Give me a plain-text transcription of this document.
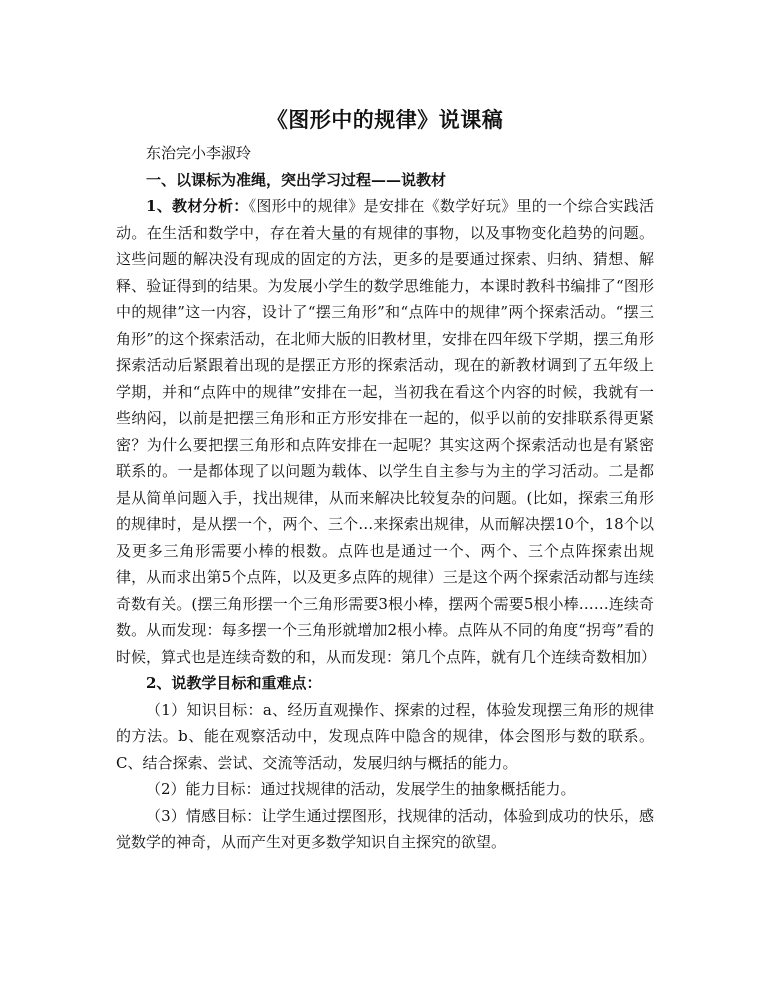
《图形中的规律》说课稿

东治完小李淑玲

一、以课标为准绳，突出学习过程——说教材

1、教材分析：《图形中的规律》是安排在《数学好玩》里的一个综合实践活动。在生活和数学中，存在着大量的有规律的事物，以及事物变化趋势的问题。这些问题的解决没有现成的固定的方法，更多的是要通过探索、归纳、猜想、解释、验证得到的结果。为发展小学生的数学思维能力，本课时教科书编排了“图形中的规律”这一内容，设计了“摆三角形”和“点阵中的规律”两个探索活动。“摆三角形”的这个探索活动，在北师大版的旧教材里，安排在四年级下学期，摆三角形探索活动后紧跟着出现的是摆正方形的探索活动，现在的新教材调到了五年级上学期，并和“点阵中的规律”安排在一起，当初我在看这个内容的时候，我就有一些纳闷，以前是把摆三角形和正方形安排在一起的，似乎以前的安排联系得更紧密？为什么要把摆三角形和点阵安排在一起呢？其实这两个探索活动也是有紧密联系的。一是都体现了以问题为载体、以学生自主参与为主的学习活动。二是都是从简单问题入手，找出规律，从而来解决比较复杂的问题。(比如，探索三角形的规律时，是从摆一个，两个、三个…来探索出规律，从而解决摆10个，18个以及更多三角形需要小棒的根数。点阵也是通过一个、两个、三个点阵探索出规律，从而求出第5个点阵，以及更多点阵的规律）三是这个两个探索活动都与连续奇数有关。(摆三角形摆一个三角形需要3根小棒，摆两个需要5根小棒……连续奇数。从而发现：每多摆一个三角形就增加2根小棒。点阵从不同的角度“拐弯”看的时候，算式也是连续奇数的和，从而发现：第几个点阵，就有几个连续奇数相加）

2、说教学目标和重难点：

（1）知识目标：a、经历直观操作、探索的过程，体验发现摆三角形的规律的方法。b、能在观察活动中，发现点阵中隐含的规律，体会图形与数的联系。C、结合探索、尝试、交流等活动，发展归纳与概括的能力。

（2）能力目标：通过找规律的活动，发展学生的抽象概括能力。

（3）情感目标：让学生通过摆图形，找规律的活动，体验到成功的快乐，感觉数学的神奇，从而产生对更多数学知识自主探究的欲望。
